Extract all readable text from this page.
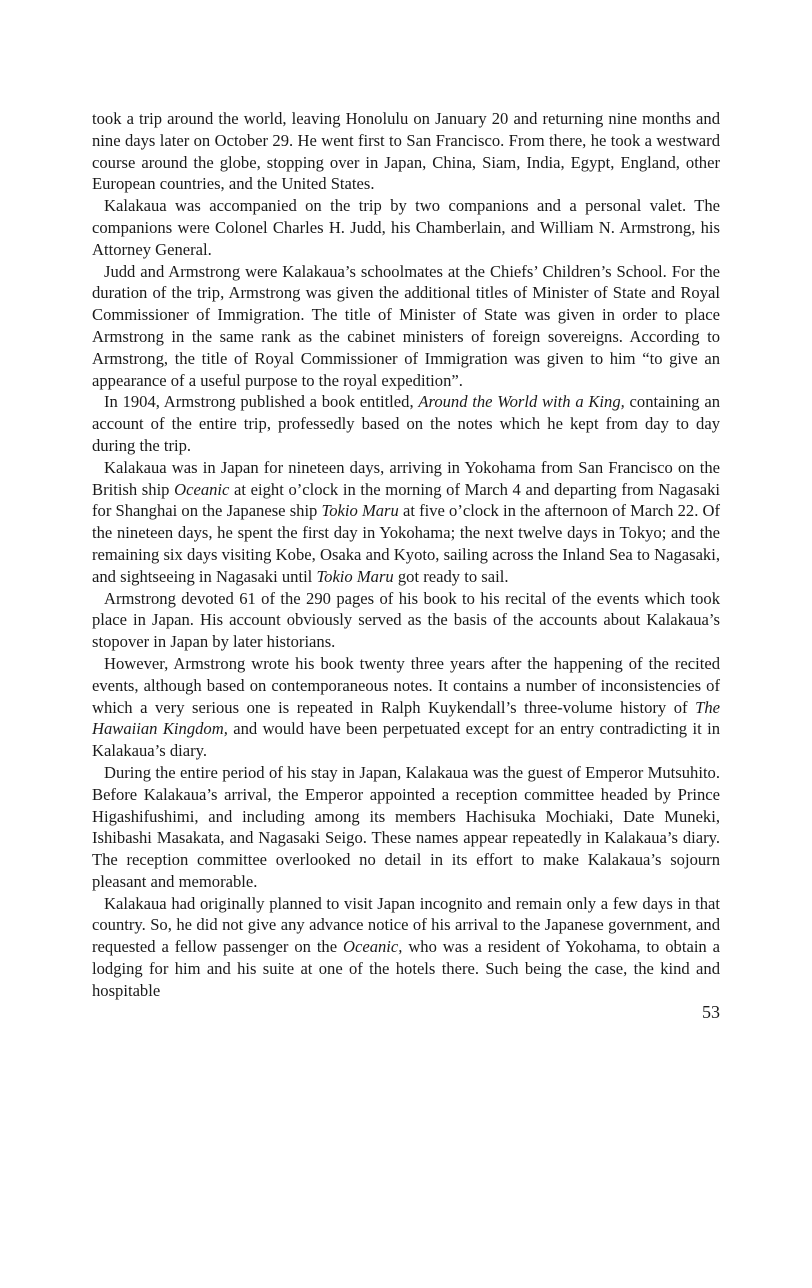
took a trip around the world, leaving Honolulu on January 20 and returning nine months and nine days later on October 29. He went first to San Francisco. From there, he took a westward course around the globe, stopping over in Japan, China, Siam, India, Egypt, England, other European countries, and the United States.

Kalakaua was accompanied on the trip by two companions and a personal valet. The companions were Colonel Charles H. Judd, his Chamberlain, and William N. Armstrong, his Attorney General.

Judd and Armstrong were Kalakaua’s schoolmates at the Chiefs’ Children’s School. For the duration of the trip, Armstrong was given the additional titles of Minister of State and Royal Commissioner of Immigration. The title of Minister of State was given in order to place Armstrong in the same rank as the cabinet ministers of foreign sovereigns. According to Armstrong, the title of Royal Commissioner of Immigration was given to him “to give an appearance of a useful purpose to the royal expedition”.

In 1904, Armstrong published a book entitled, Around the World with a King, containing an account of the entire trip, professedly based on the notes which he kept from day to day during the trip.

Kalakaua was in Japan for nineteen days, arriving in Yokohama from San Francisco on the British ship Oceanic at eight o’clock in the morning of March 4 and departing from Nagasaki for Shanghai on the Japanese ship Tokio Maru at five o’clock in the afternoon of March 22. Of the nineteen days, he spent the first day in Yokohama; the next twelve days in Tokyo; and the remaining six days visiting Kobe, Osaka and Kyoto, sailing across the Inland Sea to Nagasaki, and sightseeing in Nagasaki until Tokio Maru got ready to sail.

Armstrong devoted 61 of the 290 pages of his book to his recital of the events which took place in Japan. His account obviously served as the basis of the accounts about Kalakaua’s stopover in Japan by later historians.

However, Armstrong wrote his book twenty three years after the happening of the recited events, although based on contemporaneous notes. It contains a number of inconsistencies of which a very serious one is repeated in Ralph Kuykendall’s three-volume history of The Hawaiian Kingdom, and would have been perpetuated except for an entry contradicting it in Kalakaua’s diary.

During the entire period of his stay in Japan, Kalakaua was the guest of Emperor Mutsuhito. Before Kalakaua’s arrival, the Emperor appointed a reception committee headed by Prince Higashifushimi, and including among its members Hachisuka Mochiaki, Date Muneki, Ishibashi Masakata, and Nagasaki Seigo. These names appear repeatedly in Kalakaua’s diary. The reception committee overlooked no detail in its effort to make Kalakaua’s sojourn pleasant and memorable.

Kalakaua had originally planned to visit Japan incognito and remain only a few days in that country. So, he did not give any advance notice of his arrival to the Japanese government, and requested a fellow passenger on the Oceanic, who was a resident of Yokohama, to obtain a lodging for him and his suite at one of the hotels there. Such being the case, the kind and hospitable

53
